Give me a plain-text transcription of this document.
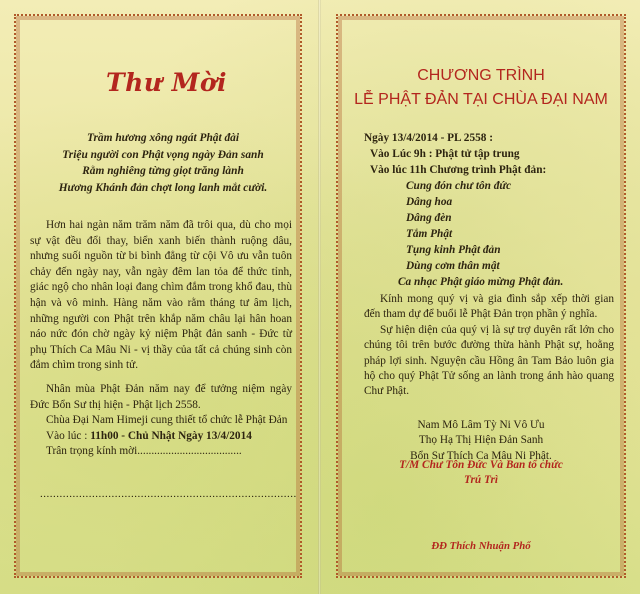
Thư Mời
Trầm hương xông ngát Phật đài
Triệu người con Phật vọng ngày Đản sanh
Rằm nghiêng từng giọt trăng lành
Hương Khánh đản chợt long lanh mắt cười.

Hơn hai ngàn năm trăm năm đã trôi qua, dù cho mọi sự vật đều đổi thay, biển xanh biến thành ruộng dâu, nhưng suối nguồn từ bi bình đẳng từ cội Vô ưu vẫn tuôn chảy đến ngày nay, vẫn ngày đêm lan tỏa để thức tỉnh, giác ngộ cho nhân loại đang chìm đắm trong khổ đau, thù hận và vô minh. Hàng năm vào rằm tháng tư âm lịch, những người con Phật trên khắp năm châu lại hân hoan náo nức đón chờ ngày kỷ niệm Phật đản sanh - Đức từ phụ Thích Ca Mâu Ni - vị thầy của tất cả chúng sinh còn đắm chìm trong sinh tử.

Nhân mùa Phật Đản năm nay để tưởng niệm ngày Đức Bổn Sư thị hiện - Phật lịch 2558.

Chùa Đại Nam Himeji cung thiết tổ chức lễ Phật Đản

Vào lúc : 11h00 - Chủ Nhật Ngày 13/4/2014
Trân trọng kính mời.....................................
...............................................................................
CHƯƠNG TRÌNH
LỄ PHẬT ĐẢN TẠI CHÙA ĐẠI NAM
Ngày 13/4/2014 - PL 2558 :
Vào Lúc 9h : Phật tử tập trung
Vào lúc 11h Chương trình Phật đản:
Cung đón chư tôn đức
Dâng hoa
Dâng đèn
Tắm Phật
Tụng kinh Phật đản
Dùng cơm thân mật
Ca nhạc Phật giáo mừng Phật đản.

Kính mong quý vị và gia đình sắp xếp thời gian đến tham dự để buổi lễ Phật Đản trọn phần ý nghĩa.

Sự hiện diện của quý vị là sự trợ duyên rất lớn cho chúng tôi trên bước đường thừa hành Phật sự, hoằng pháp lợi sinh. Nguyện cầu Hồng ân Tam Bảo luôn gia hộ cho quý Phật Tử sống an lành trong ánh hào quang Chư Phật.

Nam Mô Lâm Tỳ Ni Vô Ưu
Thọ Hạ Thị Hiện Đản Sanh
Bổn Sư Thích Ca Mâu Ni Phật.
T/M Chư Tôn Đức Và Ban tổ chức
Trú Trì
ĐĐ Thích Nhuận Phổ
